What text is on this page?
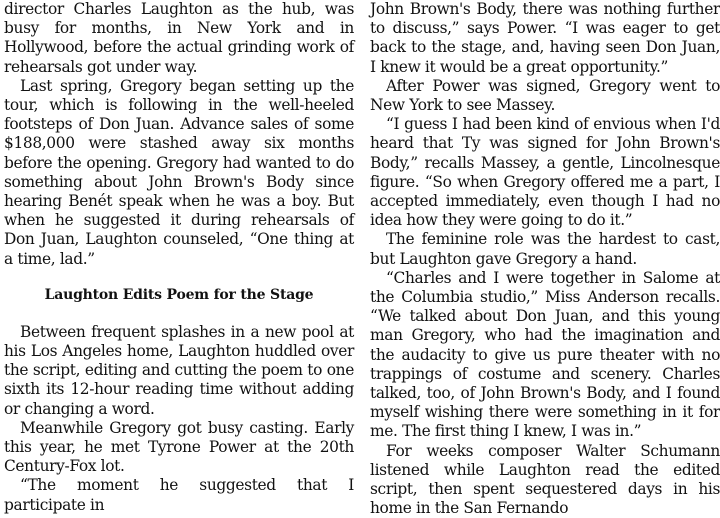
director Charles Laughton as the hub, was busy for months, in New York and in Hollywood, before the actual grinding work of rehearsals got under way.

Last spring, Gregory began setting up the tour, which is following in the well-heeled footsteps of Don Juan. Advance sales of some $188,000 were stashed away six months before the opening. Gregory had wanted to do something about John Brown's Body since hearing Benét speak when he was a boy. But when he suggested it during rehearsals of Don Juan, Laughton counseled, “One thing at a time, lad.”

Laughton Edits Poem for the Stage

Between frequent splashes in a new pool at his Los Angeles home, Laughton huddled over the script, editing and cutting the poem to one sixth its 12-hour reading time without adding or changing a word.

Meanwhile Gregory got busy casting. Early this year, he met Tyrone Power at the 20th Century-Fox lot.

“The moment he suggested that I participate in

John Brown's Body, there was nothing further to discuss,” says Power. “I was eager to get back to the stage, and, having seen Don Juan, I knew it would be a great opportunity.”

After Power was signed, Gregory went to New York to see Massey.

“I guess I had been kind of envious when I'd heard that Ty was signed for John Brown's Body,” recalls Massey, a gentle, Lincolnesque figure. “So when Gregory offered me a part, I accepted immediately, even though I had no idea how they were going to do it.”

The feminine role was the hardest to cast, but Laughton gave Gregory a hand.

“Charles and I were together in Salome at the Columbia studio,” Miss Anderson recalls. “We talked about Don Juan, and this young man Gregory, who had the imagination and the audacity to give us pure theater with no trappings of costume and scenery. Charles talked, too, of John Brown's Body, and I found myself wishing there were something in it for me. The first thing I knew, I was in.”

For weeks composer Walter Schumann listened while Laughton read the edited script, then spent sequestered days in his home in the San Fernando
